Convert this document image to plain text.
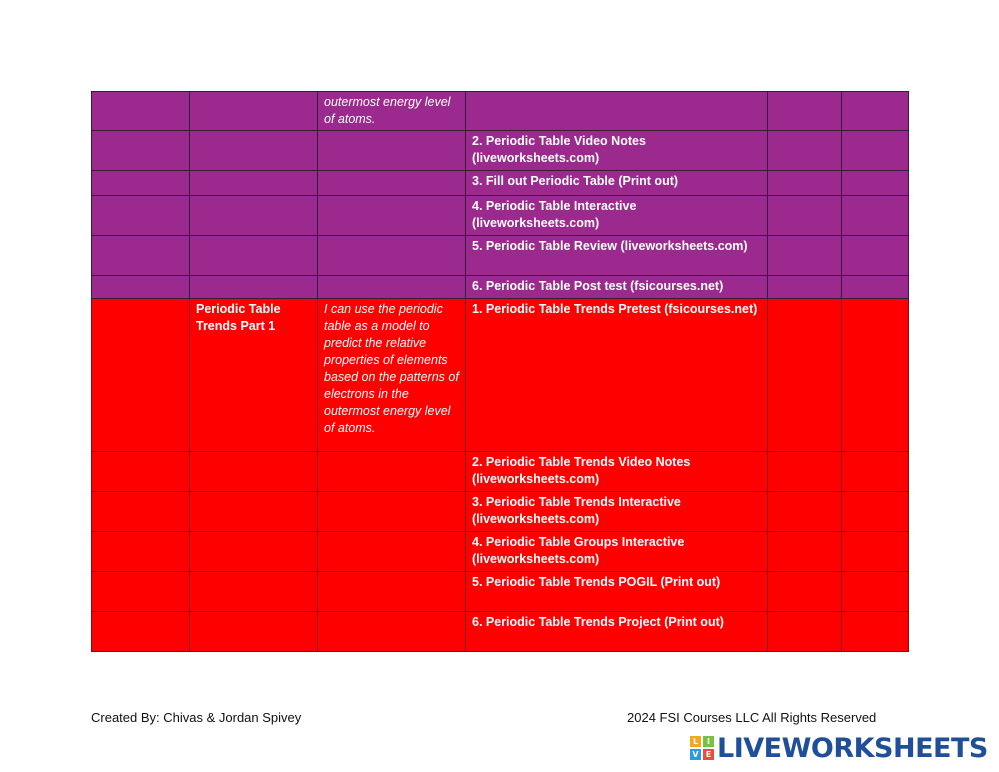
		outermost energy level of atoms.			
			2. Periodic Table Video Notes (liveworksheets.com)		
			3. Fill out Periodic Table (Print out)		
			4. Periodic Table Interactive (liveworksheets.com)		
			5. Periodic Table Review (liveworksheets.com)		
			6. Periodic Table Post test (fsicourses.net)		
	Periodic Table Trends Part 1	I can use the periodic table as a model to predict the relative properties of elements based on the patterns of electrons in the outermost energy level of atoms.	1. Periodic Table Trends Pretest (fsicourses.net)		
			2. Periodic Table Trends Video Notes (liveworksheets.com)		
			3. Periodic Table Trends Interactive (liveworksheets.com)		
			4. Periodic Table Groups Interactive (liveworksheets.com)		
			5. Periodic Table Trends POGIL (Print out)		
			6. Periodic Table Trends Project (Print out)		
Created By: Chivas & Jordan Spivey	2024 FSI Courses LLC All Rights Reserved
L	I
V E LIVEWORKSHEETS
